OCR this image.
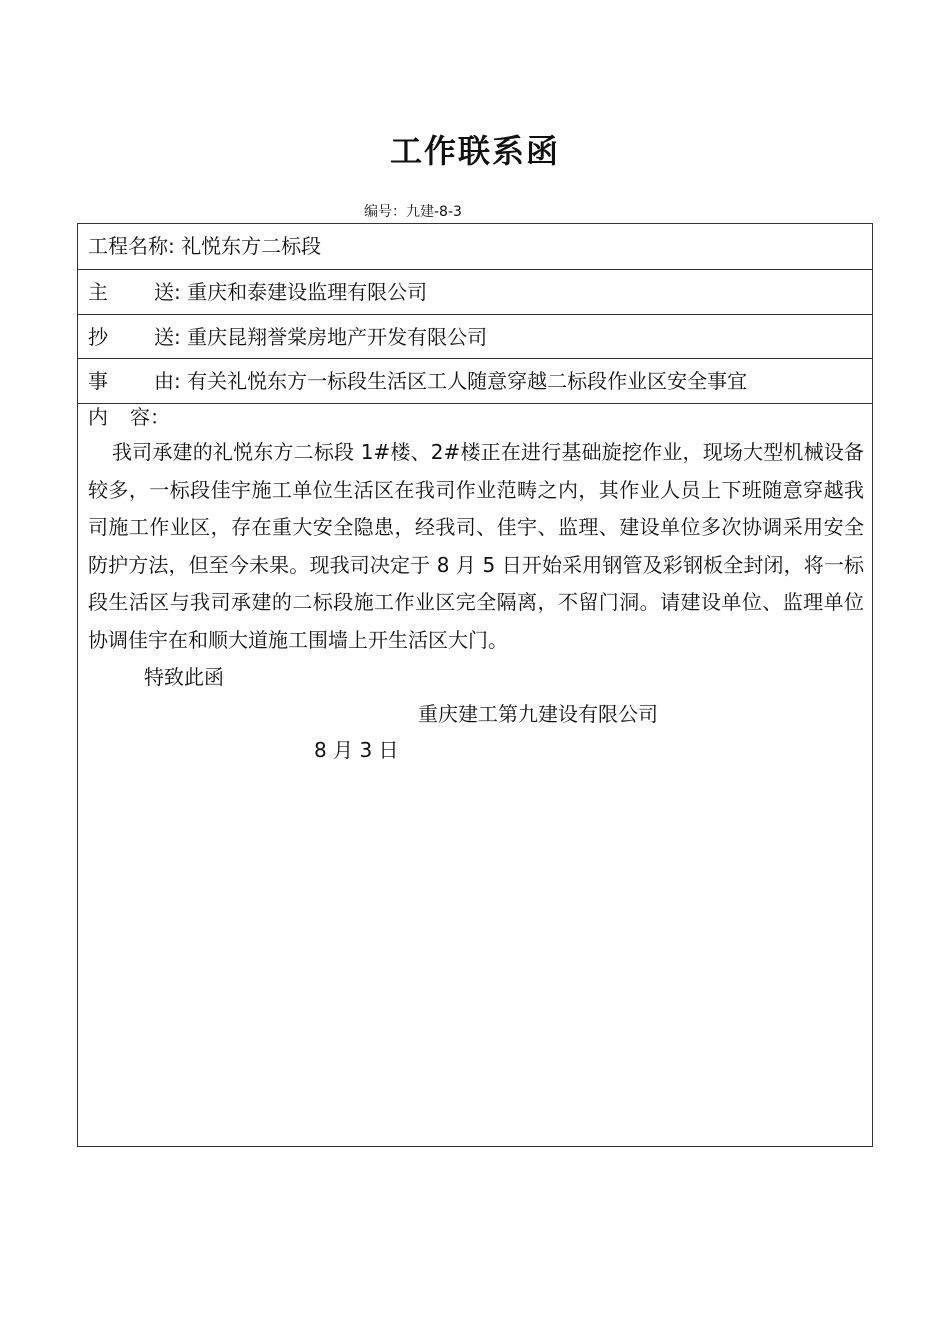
工作联系函
编号：九建-8-3
工程名称: 礼悦东方二标段
主 送: 重庆和泰建设监理有限公司
抄 送: 重庆昆翔誉棠房地产开发有限公司
事 由: 有关礼悦东方一标段生活区工人随意穿越二标段作业区安全事宜
内 容：

我司承建的礼悦东方二标段 1#楼、2#楼正在进行基础旋挖作业，现场大型机械设备较多，一标段佳宇施工单位生活区在我司作业范畴之内，其作业人员上下班随意穿越我司施工作业区，存在重大安全隐患，经我司、佳宇、监理、建设单位多次协调采用安全防护方法，但至今未果。现我司决定于 8 月 5 日开始采用钢管及彩钢板全封闭，将一标段生活区与我司承建的二标段施工作业区完全隔离，不留门洞。请建设单位、监理单位协调佳宇在和顺大道施工围墙上开生活区大门。

特致此函
重庆建工第九建设有限公司
8 月 3 日
